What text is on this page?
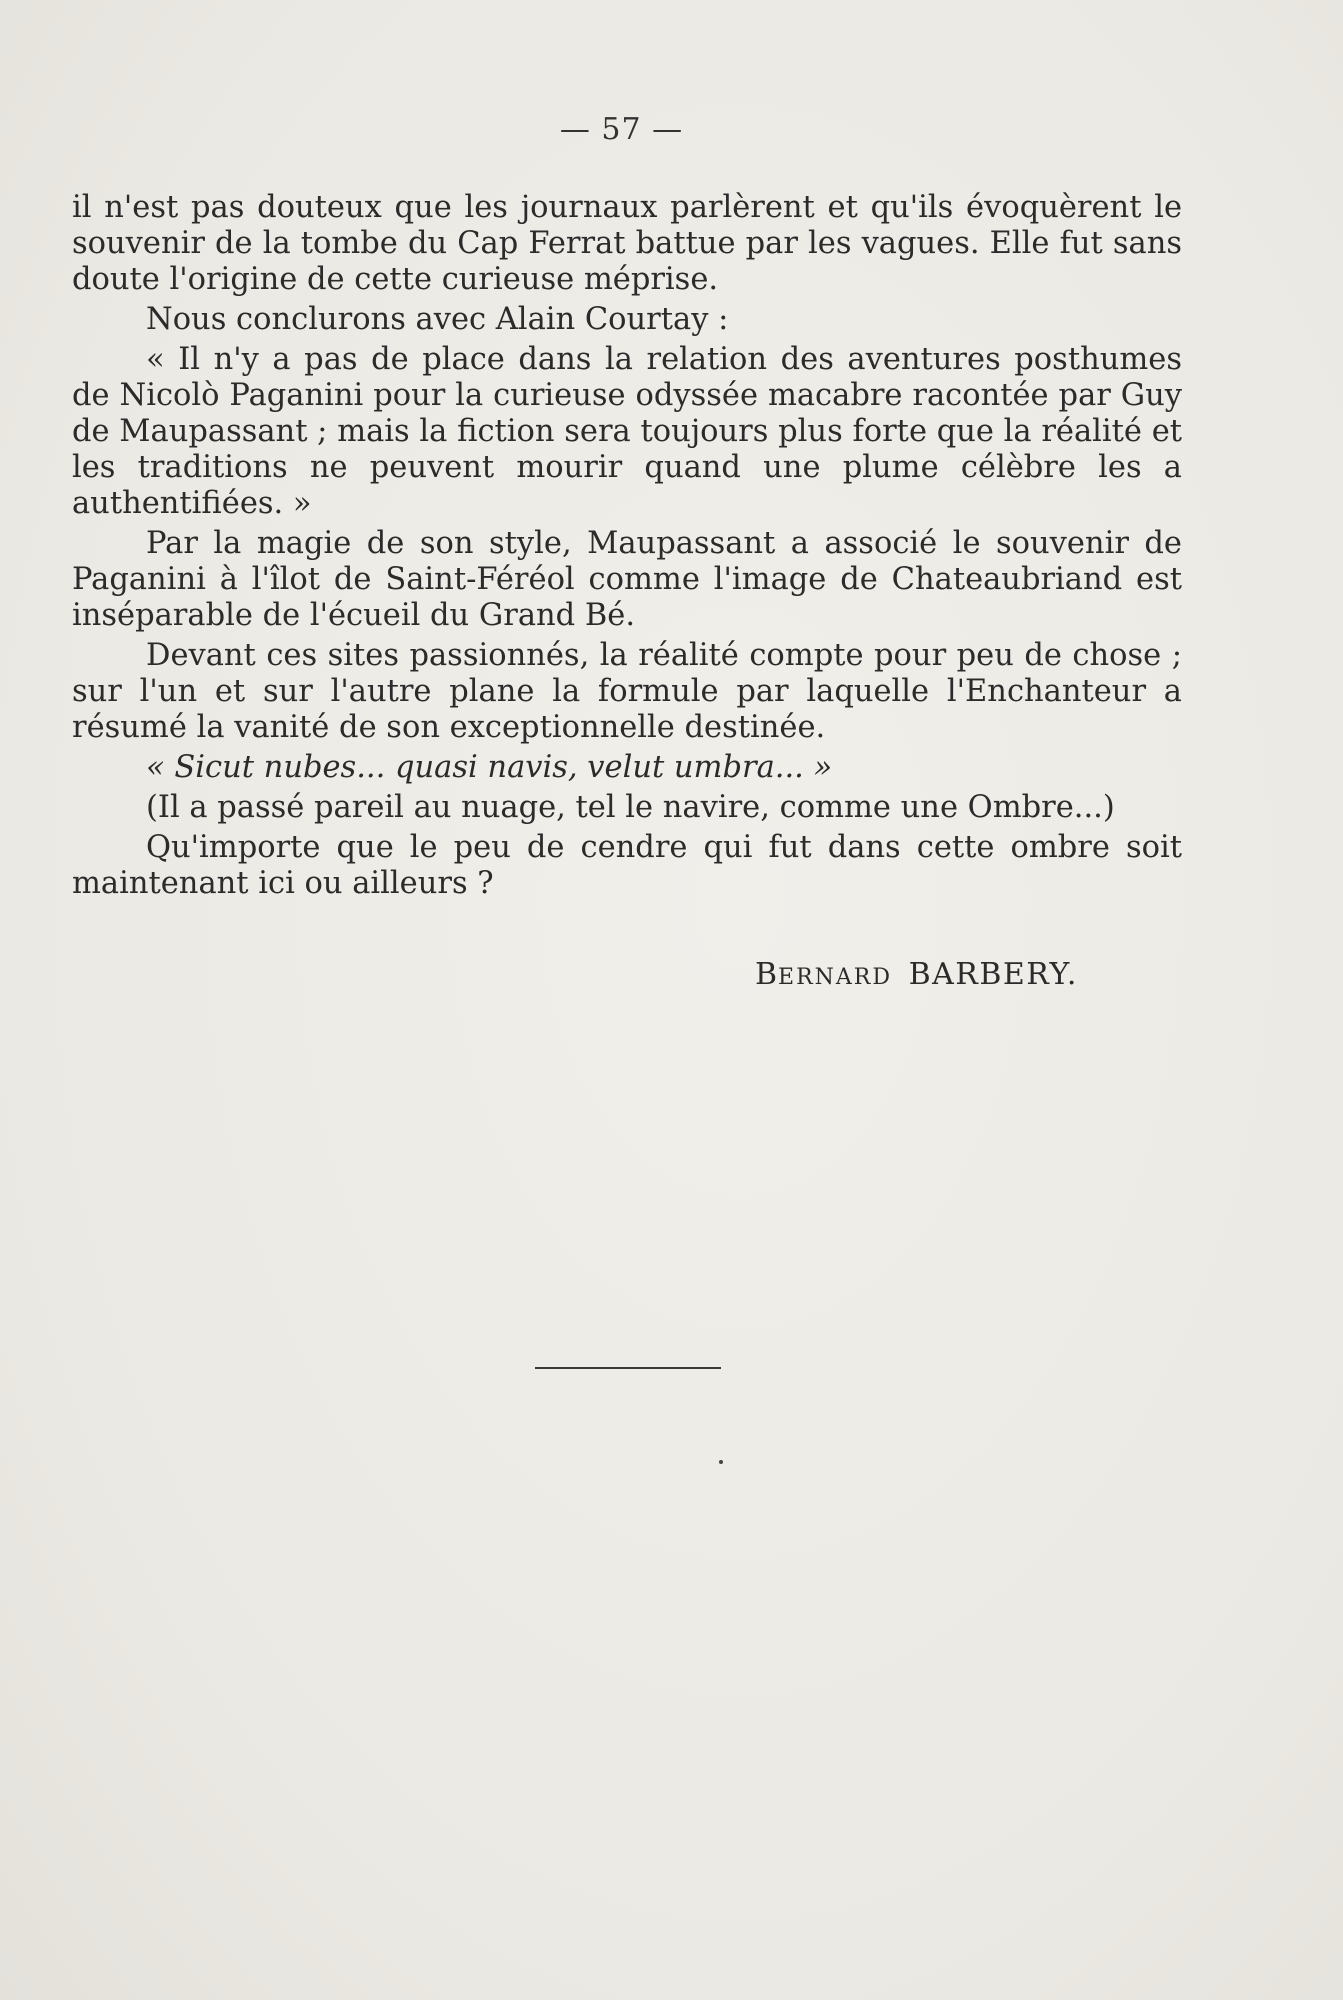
— 57 —

il n'est pas douteux que les journaux parlèrent et qu'ils évoquèrent le souvenir de la tombe du Cap Ferrat battue par les vagues. Elle fut sans doute l'origine de cette curieuse méprise.

Nous conclurons avec Alain Courtay :

« Il n'y a pas de place dans la relation des aventures posthumes de Nicolò Paganini pour la curieuse odyssée macabre racontée par Guy de Maupassant ; mais la fiction sera toujours plus forte que la réalité et les traditions ne peuvent mourir quand une plume célèbre les a authentifiées. »

Par la magie de son style, Maupassant a associé le souvenir de Paganini à l'îlot de Saint-Féréol comme l'image de Chateaubriand est inséparable de l'écueil du Grand Bé.

Devant ces sites passionnés, la réalité compte pour peu de chose ; sur l'un et sur l'autre plane la formule par laquelle l'Enchanteur a résumé la vanité de son exceptionnelle destinée.

« Sicut nubes... quasi navis, velut umbra... »

(Il a passé pareil au nuage, tel le navire, comme une Ombre...)

Qu'importe que le peu de cendre qui fut dans cette ombre soit maintenant ici ou ailleurs ?

BERNARD BARBERY.
